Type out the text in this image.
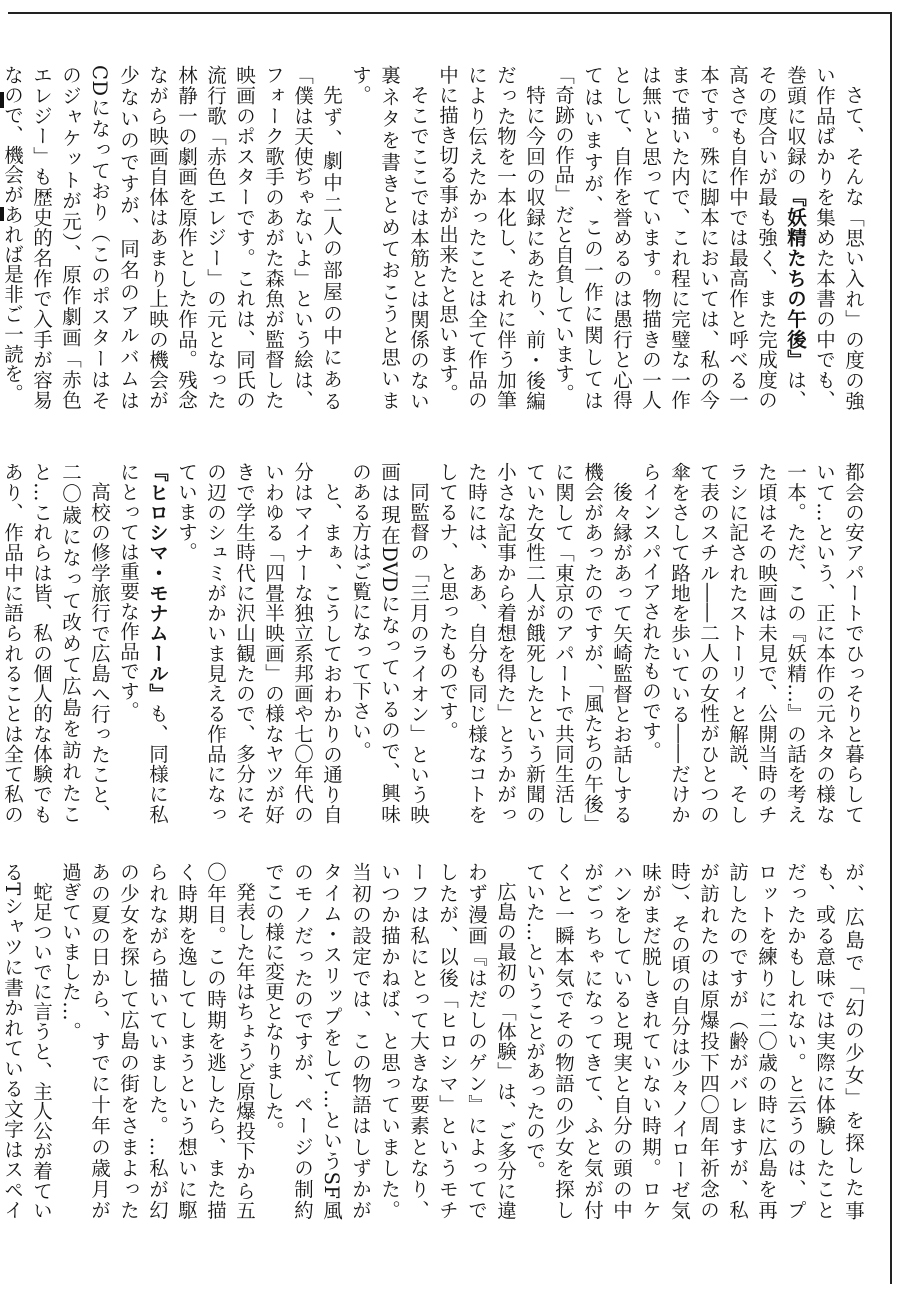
さて、そんな「思い入れ」の度の強い作品ばかりを集めた本書の中でも、巻頭に収録の『妖精たちの午後』は、その度合いが最も強く、また完成度の高さでも自作中では最高作と呼べる一本です。殊に脚本においては、私の今まで描いた内で、これ程に完璧な一作は無いと思っています。物描きの一人として、自作を誉めるのは愚行と心得てはいますが、この一作に関しては「奇跡の作品」だと自負しています。

特に今回の収録にあたり、前・後編だった物を一本化し、それに伴う加筆により伝えたかったことは全て作品の中に描き切る事が出来たと思います。

そこでここでは本筋とは関係のない裏ネタを書きとめておこうと思います。

先ず、劇中二人の部屋の中にある「僕は天使ぢゃないよ」という絵は、フォーク歌手のあがた森魚が監督した映画のポスターです。これは、同氏の流行歌「赤色エレジー」の元となった林静一の劇画を原作とした作品。残念ながら映画自体はあまり上映の機会が少ないのですが、同名のアルバムはCDになっており（このポスターはそのジャケットが元）、原作劇画「赤色エレジー」も歴史的名作で入手が容易なので、機会があれば是非ご一読を。

都会の安アパートでひっそりと暮らしていて…という、正に本作の元ネタの様な一本。ただ、この『妖精…』の話を考えた頃はその映画は未見で、公開当時のチラシに記されたストーリィと解説、そして表のスチル――二人の女性がひとつの傘をさして路地を歩いている――だけからインスパイアされたものです。

後々縁があって矢崎監督とお話しする機会があったのですが、「風たちの午後」に関して「東京のアパートで共同生活していた女性二人が餓死したという新聞の小さな記事から着想を得た」とうかがった時には、ああ、自分も同じ様なコトをしてるナ、と思ったものです。

同監督の「三月のライオン」という映画は現在DVDになっているので、興味のある方はご覧になって下さい。

と、まぁ、こうしておわかりの通り自分はマイナーな独立系邦画や七〇年代のいわゆる「四畳半映画」の様なヤツが好きで学生時代に沢山観たので、多分にその辺のシュミがかいま見える作品になっています。

『ヒロシマ・モナムール』も、同様に私にとっては重要な作品です。

高校の修学旅行で広島へ行ったこと、二〇歳になって改めて広島を訪れたこと…これらは皆、私の個人的な体験でもあり、作品中に語られることは全て私の

が、広島で「幻の少女」を探した事も、或る意味では実際に体験したことだったかもしれない。と云うのは、プロットを練りに二〇歳の時に広島を再訪したのですが（齢がバレますが、私が訪れたのは原爆投下四〇周年祈念の時）、その頃の自分は少々ノイローゼ気味がまだ脱しきれていない時期。ロケハンをしていると現実と自分の頭の中がごっちゃになってきて、ふと気が付くと一瞬本気でその物語の少女を探していた…ということがあったので。

広島の最初の「体験」は、ご多分に違わず漫画『はだしのゲン』によってでしたが、以後「ヒロシマ」というモチーフは私にとって大きな要素となり、いつか描かねば、と思っていました。当初の設定では、この物語はしずかがタイム・スリップをして…というSF風のモノだったのですが、ページの制約でこの様に変更となりました。

発表した年はちょうど原爆投下から五〇年目。この時期を逃したら、また描く時期を逸してしまうという想いに駆られながら描いていました。…私が幻の少女を探して広島の街をさまよったあの夏の日から、すでに十年の歳月が過ぎていました…。

蛇足ついでに言うと、主人公が着ているTシャツに書かれている文字はスペイ
